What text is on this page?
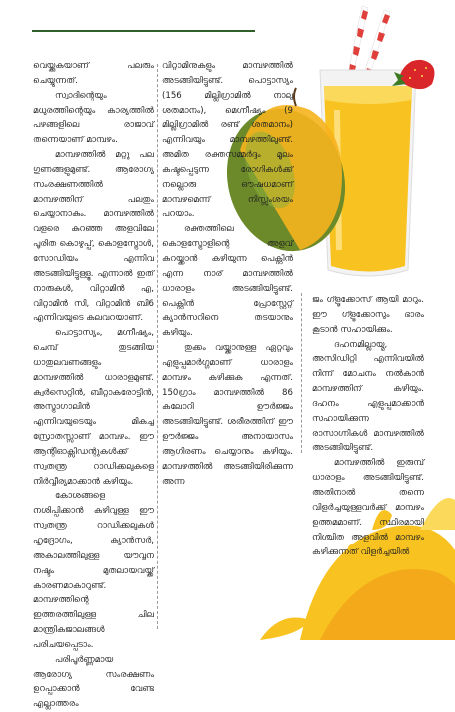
വെയ്ക്കുകയാണ് പലരും ചെയ്യുന്നത്.

സ്വാദിന്റെയും മധുരത്തിന്റെയും കാര്യത്തിൽ പഴങ്ങളിലെ രാജാവ് തന്നെയാണ് മാമ്പഴം.

മാമ്പഴത്തിൽ മറ്റു പല ഗുണങ്ങളുമുണ്ട്. ആരോഗ്യ സംരക്ഷണത്തിൽ മാമ്പഴത്തിന് പലതും ചെയ്യാനാകും. മാമ്പഴത്തിൽ വളരെ കുറഞ്ഞ അളവിലേ പൂരിത കൊഴുപ്പ്, കൊളസ്ട്രോൾ, സോഡിയം എന്നിവ അടങ്ങിയിട്ടുള്ളൂ. എന്നാൽ ഇത് നാരുകൾ, വിറ്റാമിൻ എ, വിറ്റാമിൻ സി, വിറ്റാമിൻ ബി6 എന്നിവയുടെ കലവറയാണ്.

പൊട്ടാസ്യം, മഗ്നീഷ്യം, ചെമ്പ് തുടങ്ങിയ ധാതുലവണങ്ങളും മാമ്പഴത്തിൽ ധാരാളമുണ്ട്. ക്വർസെറ്റിൻ, ബീറ്റാകരോട്ടിൻ, അസ്ട്രാഗാലിൻ എന്നിവയുടെയും മികച്ച സ്രോതസ്സാണ് മാമ്പഴം. ഈ ആന്റിഓക്സിഡന്റുകൾക്ക് സ്വതന്ത്ര റാഡിക്കലുകളെ നിർവ്വീര്യമാക്കാൻ കഴിയും.

കോശങ്ങളെ നശിപ്പിക്കാൻ കഴിവുള്ള ഈ സ്വതന്ത്ര റാഡിക്കലുകൾ ഹൃദ്രോഗം, ക്യാൻസർ, അകാലത്തിലുള്ള യൗവ്വന നഷ്ടം മുതലായവയ്ക്ക് കാരണമാകാറുണ്ട്. മാമ്പഴത്തിന്റെ ഇത്തരത്തിലുള്ള ചില മാന്ത്രികജാലങ്ങൾ പരിചയപ്പെടാം.

പരിപൂർണ്ണമായ ആരോഗ്യ സംരക്ഷണം ഉറപ്പാക്കാൻ വേണ്ട എല്ലാത്തരം

വിറ്റാമിനുകളും മാമ്പഴത്തിൽ അടങ്ങിയിട്ടുണ്ട്. പൊട്ടാസ്യം (156 മില്ലിഗ്രാമിൽ നാലു ശതമാനം), മെഗ്നീഷ്യം (9 മില്ലിഗ്രാമിൽ രണ്ട് ശതമാനം) എന്നിവയും മാമ്പഴത്തിലുണ്ട്. അമിത രക്തസമ്മർദ്ദം മൂലം കഷ്ടപ്പെടുന്ന രോഗികൾക്ക് നല്ലൊരു ഔഷധമാണ് മാമ്പഴമെന്ന് നിസ്സംശയം പറയാം.

രക്തത്തിലെ കൊളസ്ട്രോളിന്റെ അളവ് കുറയ്ക്കാൻ കഴിയുന്ന പെക്റ്റിൻ എന്ന നാര് മാമ്പഴത്തിൽ ധാരാളം അടങ്ങിയിട്ടുണ്ട്. പെക്റ്റിൻ പ്രോസ്റ്റേറ്റ് ക്യാൻസറിനെ തടയാനും കഴിയും.

തുക്കം വയ്ക്കാനുള്ള ഏറ്റവും എളുപ്പമാർഗ്ഗമാണ് ധാരാളം മാമ്പഴം കഴിക്കുക എന്നത്. 150ഗ്രാം മാമ്പഴത്തിൽ 86 കലോറി ഊർജ്ജം അടങ്ങിയിട്ടുണ്ട്. ശരീരത്തിന് ഈ ഊർജ്ജം അനായാസം ആഗിരണം ചെയ്യാനും കഴിയും. മാമ്പഴത്തിൽ അടങ്ങിയിരിക്കുന്ന അന്ന

ജം ഗ്ളൂക്കോസ് ആയി മാറും. ഈ ഗ്ളൂക്കോസും ഭാരം കൂടാൻ സഹായിക്കും.

ദഹനമില്ലായ്മ, അസിഡിറ്റി എന്നിവയിൽ നിന്ന് മോചനം നൽകാൻ മാമ്പഴത്തിന് കഴിയും. ദഹനം എളുപ്പമാക്കാൻ സഹായിക്കുന്ന രാസാഗ്നികൾ മാമ്പഴത്തിൽ അടങ്ങിയിട്ടുണ്ട്.

മാമ്പഴത്തിൽ ഇരുമ്പ് ധാരാളം അടങ്ങിയിട്ടുണ്ട്. അതിനാൽ തന്നെ വിളർച്ചയുള്ളവർക്ക് മാമ്പഴം ഉത്തമമാണ്. സ്ഥിരമായി നിശ്ചിത അളവിൽ മാമ്പഴം കഴിക്കുന്നത് വിളർച്ചയിൽ
